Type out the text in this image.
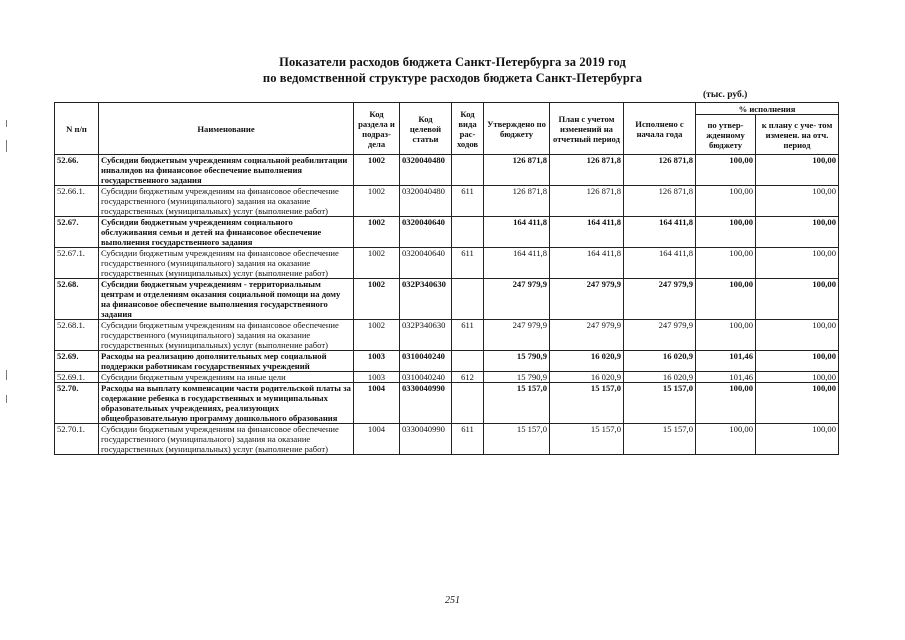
Показатели расходов бюджета Санкт-Петербурга за 2019 год
по ведомственной структуре расходов бюджета Санкт-Петербурга
(тыс. руб.)
N п/п	Наименование	Код раздела и подраз- дела	Код целевой статьи	Код вида рас- ходов	Утверждено по бюджету	План с учетом изменений на отчетный период	Исполнено с начала года	% исполнения	
								по утвер- жденному бюджету	к плану с уче- том изменен. на отч. период
52.66.	Субсидии бюджетным учреждениям социальной реабилитации инвалидов на финансовое обеспечение выполнения государственного задания	1002	0320040480		126 871,8	126 871,8	126 871,8	100,00	100,00
52.66.1.	Субсидии бюджетным учреждениям на финансовое обеспечение государственного (муниципального) задания на оказание государственных (муниципальных) услуг (выполнение работ)	1002	0320040480	611	126 871,8	126 871,8	126 871,8	100,00	100,00
52.67.	Субсидии бюджетным учреждениям социального обслуживания семьи и детей на финансовое обеспечение выполнения государственного задания	1002	0320040640		164 411,8	164 411,8	164 411,8	100,00	100,00
52.67.1.	Субсидии бюджетным учреждениям на финансовое обеспечение государственного (муниципального) задания на оказание государственных (муниципальных) услуг (выполнение работ)	1002	0320040640	611	164 411,8	164 411,8	164 411,8	100,00	100,00
52.68.	Субсидии бюджетным учреждениям - территориальным центрам и отделениям оказания социальной помощи на дому на финансовое обеспечение выполнения государственного задания	1002	032Р340630		247 979,9	247 979,9	247 979,9	100,00	100,00
52.68.1.	Субсидии бюджетным учреждениям на финансовое обеспечение государственного (муниципального) задания на оказание государственных (муниципальных) услуг (выполнение работ)	1002	032Р340630	611	247 979,9	247 979,9	247 979,9	100,00	100,00
52.69.	Расходы на реализацию дополнительных мер социальной поддержки работникам государственных учреждений	1003	0310040240		15 790,9	16 020,9	16 020,9	101,46	100,00
52.69.1.	Субсидии бюджетным учреждениям на иные цели	1003	0310040240	612	15 790,9	16 020,9	16 020,9	101,46	100,00
52.70.	Расходы на выплату компенсации части родительской платы за содержание ребенка в государственных и муниципальных образовательных учреждениях, реализующих общеобразовательную программу дошкольного образования	1004	0330040990		15 157,0	15 157,0	15 157,0	100,00	100,00
52.70.1.	Субсидии бюджетным учреждениям на финансовое обеспечение государственного (муниципального) задания на оказание государственных (муниципальных) услуг (выполнение работ)	1004	0330040990	611	15 157,0	15 157,0	15 157,0	100,00	100,00
251
